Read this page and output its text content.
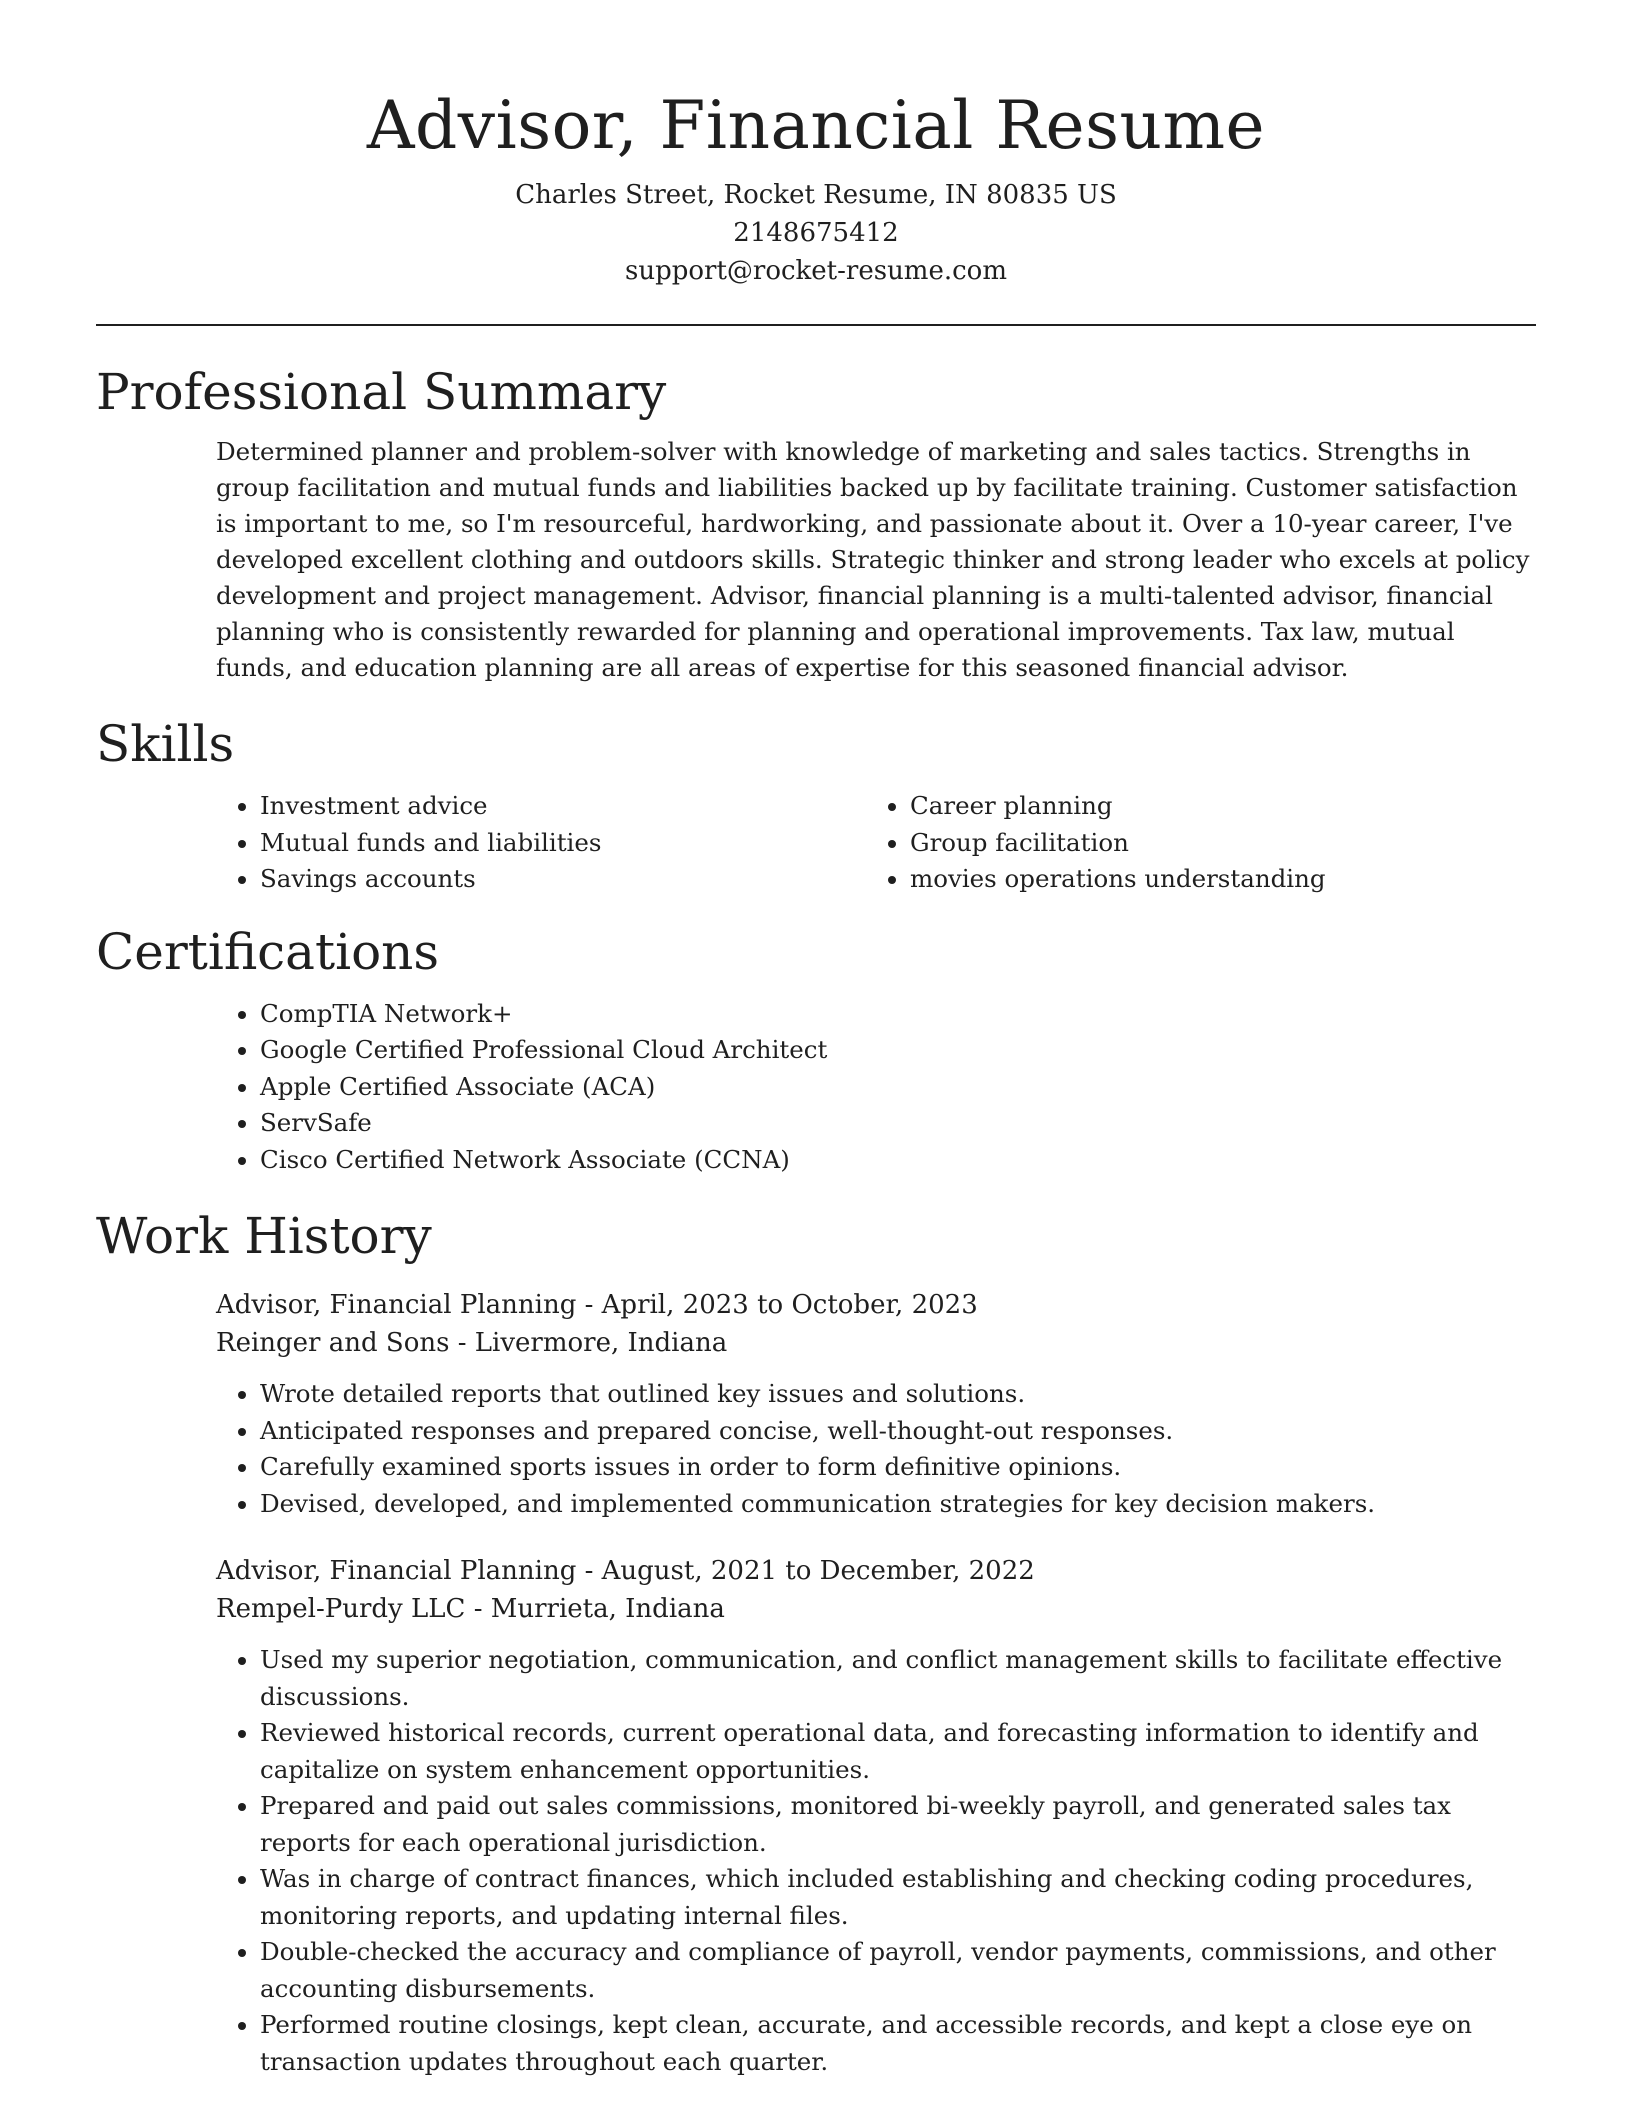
Advisor, Financial Resume
Charles Street, Rocket Resume, IN 80835 US
2148675412
support@rocket-resume.com
Professional Summary

Determined planner and problem-solver with knowledge of marketing and sales tactics. Strengths in group facilitation and mutual funds and liabilities backed up by facilitate training. Customer satisfaction is important to me, so I'm resourceful, hardworking, and passionate about it. Over a 10-year career, I've developed excellent clothing and outdoors skills. Strategic thinker and strong leader who excels at policy development and project management. Advisor, financial planning is a multi-talented advisor, financial planning who is consistently rewarded for planning and operational improvements. Tax law, mutual funds, and education planning are all areas of expertise for this seasoned financial advisor.

Skills
• Investment advice
• Mutual funds and liabilities
• Savings accounts
• Career planning
• Group facilitation
• movies operations understanding
Certifications
• CompTIA Network+
• Google Certified Professional Cloud Architect
• Apple Certified Associate (ACA)
• ServSafe
• Cisco Certified Network Associate (CCNA)
Work History
Advisor, Financial Planning - April, 2023 to October, 2023
Reinger and Sons - Livermore, Indiana
• Wrote detailed reports that outlined key issues and solutions.
• Anticipated responses and prepared concise, well-thought-out responses.
• Carefully examined sports issues in order to form definitive opinions.
• Devised, developed, and implemented communication strategies for key decision makers.
Advisor, Financial Planning - August, 2021 to December, 2022
Rempel-Purdy LLC - Murrieta, Indiana
• Used my superior negotiation, communication, and conflict management skills to facilitate effective discussions.
• Reviewed historical records, current operational data, and forecasting information to identify and capitalize on system enhancement opportunities.
• Prepared and paid out sales commissions, monitored bi-weekly payroll, and generated sales tax reports for each operational jurisdiction.
• Was in charge of contract finances, which included establishing and checking coding procedures, monitoring reports, and updating internal files.
• Double-checked the accuracy and compliance of payroll, vendor payments, commissions, and other accounting disbursements.
• Performed routine closings, kept clean, accurate, and accessible records, and kept a close eye on transaction updates throughout each quarter.
